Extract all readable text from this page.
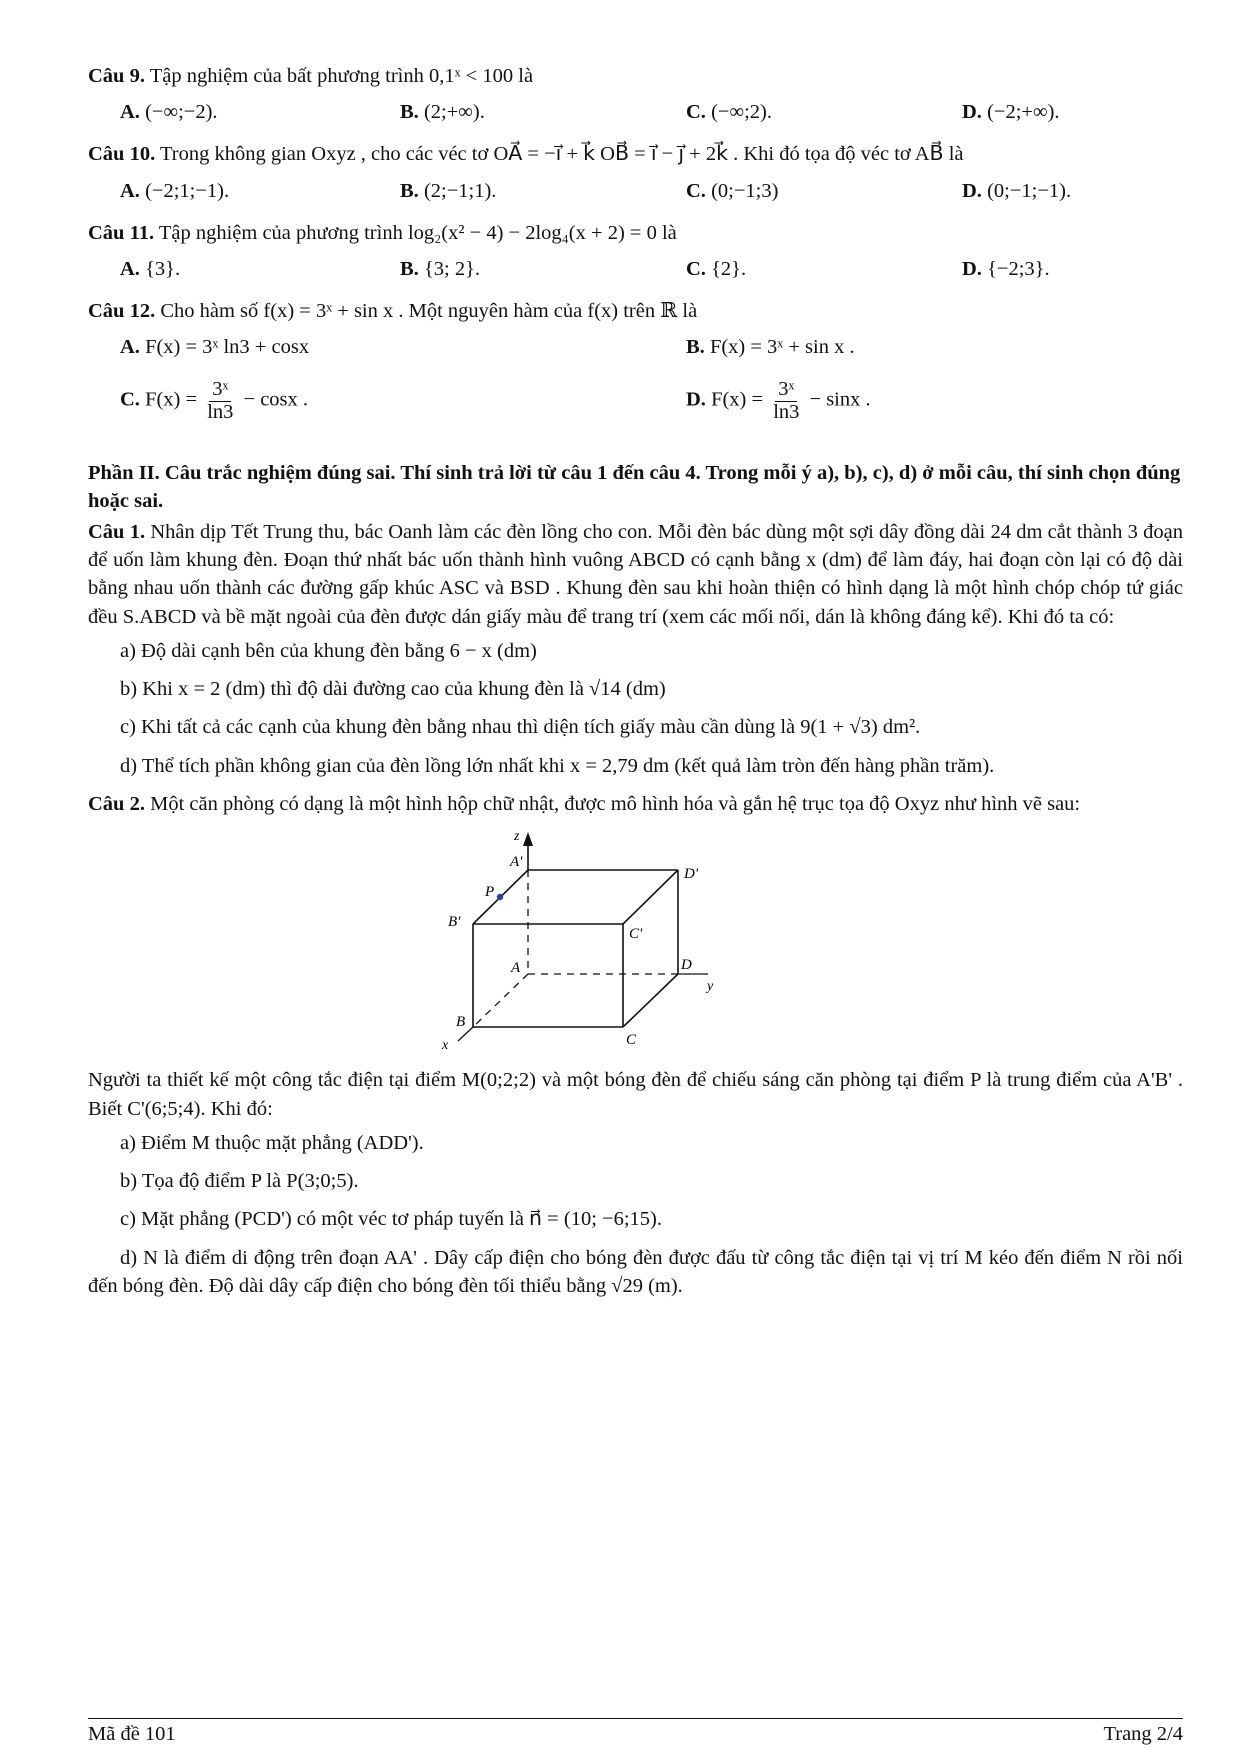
Câu 9. Tập nghiệm của bất phương trình 0,1ˣ < 100 là
A. (−∞;−2).	B. (2;+∞).	C. (−∞;2).	D. (−2;+∞).
Câu 10. Trong không gian Oxyz , cho các véc tơ OA⃗ = −i⃗ + k⃗ OB⃗ = i⃗ − j⃗ + 2k⃗ . Khi đó tọa độ véc tơ AB⃗ là
A. (−2;1;−1).	B. (2;−1;1).	C. (0;−1;3)	D. (0;−1;−1).
Câu 11. Tập nghiệm của phương trình log₂(x² − 4) − 2log₄(x + 2) = 0 là
A. {3}.	B. {3; 2}.	C. {2}.	D. {−2;3}.
Câu 12. Cho hàm số f(x) = 3ˣ + sin x . Một nguyên hàm của f(x) trên ℝ là
A. F(x) = 3ˣ ln3 + cosx	B. F(x) = 3ˣ + sin x .
C. $F(x) = \frac{\text{3ˣ}}{\ln 3} - \cos x$ .	D. $F(x) = \frac{\text{3ˣ}}{\ln 3} - \sin x$ .
Phần II. Câu trắc nghiệm đúng sai. Thí sinh trả lời từ câu 1 đến câu 4. Trong mỗi ý a), b), c), d) ở mỗi câu, thí sinh chọn đúng hoặc sai.

Câu 1. Nhân dịp Tết Trung thu, bác Oanh làm các đèn lồng cho con. Mỗi đèn bác dùng một sợi dây đồng dài 24 dm cắt thành 3 đoạn để uốn làm khung đèn. Đoạn thứ nhất bác uốn thành hình vuông ABCD có cạnh bằng x (dm) để làm đáy, hai đoạn còn lại có độ dài bằng nhau uốn thành các đường gấp khúc ASC và BSD . Khung đèn sau khi hoàn thiện có hình dạng là một hình chóp chóp tứ giác đều S.ABCD và bề mặt ngoài của đèn được dán giấy màu để trang trí (xem các mối nối, dán là không đáng kể). Khi đó ta có:

a) Độ dài cạnh bên của khung đèn bằng 6 − x (dm)
b) Khi x = 2 (dm) thì độ dài đường cao của khung đèn là √14 (dm)
c) Khi tất cả các cạnh của khung đèn bằng nhau thì diện tích giấy màu cần dùng là 9(1 + √3) dm².
d) Thể tích phần không gian của đèn lồng lớn nhất khi x = 2,79 dm (kết quả làm tròn đến hàng phần trăm).

Câu 2. Một căn phòng có dạng là một hình hộp chữ nhật, được mô hình hóa và gắn hệ trục tọa độ Oxyz như hình vẽ sau:

z
A'
D'
P
B'
C'
A	D
y
B
x	C

Người ta thiết kế một công tắc điện tại điểm M(0;2;2) và một bóng đèn để chiếu sáng căn phòng tại điểm P là trung điểm của A'B' . Biết C'(6;5;4). Khi đó:

a) Điểm M thuộc mặt phẳng (ADD').
b) Tọa độ điểm P là P(3;0;5).
c) Mặt phẳng (PCD') có một véc tơ pháp tuyến là n⃗ = (10; −6;15).

d) N là điểm di động trên đoạn AA' . Dây cấp điện cho bóng đèn được đấu từ công tắc điện tại vị trí M kéo đến điểm N rồi nối đến bóng đèn. Độ dài dây cấp điện cho bóng đèn tối thiểu bằng √29 (m).

Mã đề 101	Trang 2/4
